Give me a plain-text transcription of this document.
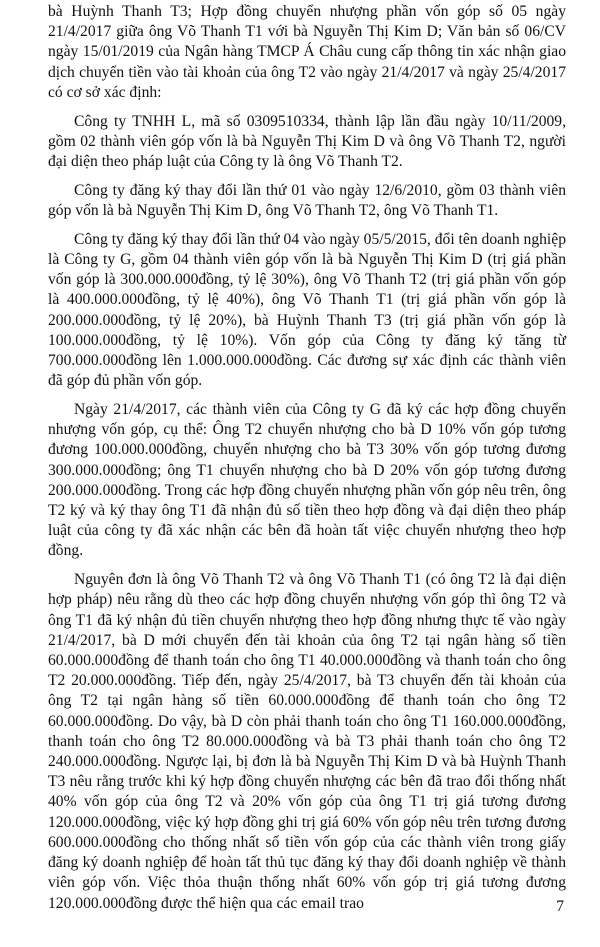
bà Huỳnh Thanh T3; Hợp đồng chuyển nhượng phần vốn góp số 05 ngày 21/4/2017 giữa ông Võ Thanh T1 với bà Nguyễn Thị Kim D; Văn bản số 06/CV ngày 15/01/2019 của Ngân hàng TMCP Á Châu cung cấp thông tin xác nhận giao dịch chuyển tiền vào tài khoản của ông T2 vào ngày 21/4/2017 và ngày 25/4/2017 có cơ sở xác định:

Công ty TNHH L, mã số 0309510334, thành lập lần đầu ngày 10/11/2009, gồm 02 thành viên góp vốn là bà Nguyễn Thị Kim D và ông Võ Thanh T2, người đại diện theo pháp luật của Công ty là ông Võ Thanh T2.

Công ty đăng ký thay đổi lần thứ 01 vào ngày 12/6/2010, gồm 03 thành viên góp vốn là bà Nguyễn Thị Kim D, ông Võ Thanh T2, ông Võ Thanh T1.

Công ty đăng ký thay đổi lần thứ 04 vào ngày 05/5/2015, đổi tên doanh nghiệp là Công ty G, gồm 04 thành viên góp vốn là bà Nguyễn Thị Kim D (trị giá phần vốn góp là 300.000.000đồng, tỷ lệ 30%), ông Võ Thanh T2 (trị giá phần vốn góp là 400.000.000đồng, tỷ lệ 40%), ông Võ Thanh T1 (trị giá phần vốn góp là 200.000.000đồng, tỷ lệ 20%), bà Huỳnh Thanh T3 (trị giá phần vốn góp là 100.000.000đồng, tỷ lệ 10%). Vốn góp của Công ty đăng ký tăng từ 700.000.000đồng lên 1.000.000.000đồng. Các đương sự xác định các thành viên đã góp đủ phần vốn góp.

Ngày 21/4/2017, các thành viên của Công ty G đã ký các hợp đồng chuyển nhượng vốn góp, cụ thể: Ông T2 chuyển nhượng cho bà D 10% vốn góp tương đương 100.000.000đồng, chuyển nhượng cho bà T3 30% vốn góp tương đương 300.000.000đồng; ông T1 chuyển nhượng cho bà D 20% vốn góp tương đương 200.000.000đồng. Trong các hợp đồng chuyển nhượng phần vốn góp nêu trên, ông T2 ký và ký thay ông T1 đã nhận đủ số tiền theo hợp đồng và đại diện theo pháp luật của công ty đã xác nhận các bên đã hoàn tất việc chuyển nhượng theo hợp đồng.

Nguyên đơn là ông Võ Thanh T2 và ông Võ Thanh T1 (có ông T2 là đại diện hợp pháp) nêu rằng dù theo các hợp đồng chuyển nhượng vốn góp thì ông T2 và ông T1 đã ký nhận đủ tiền chuyển nhượng theo hợp đồng nhưng thực tế vào ngày 21/4/2017, bà D mới chuyển đến tài khoản của ông T2 tại ngân hàng số tiền 60.000.000đồng để thanh toán cho ông T1 40.000.000đồng và thanh toán cho ông T2 20.000.000đồng. Tiếp đến, ngày 25/4/2017, bà T3 chuyển đến tài khoản của ông T2 tại ngân hàng số tiền 60.000.000đồng để thanh toán cho ông T2 60.000.000đồng. Do vậy, bà D còn phải thanh toán cho ông T1 160.000.000đồng, thanh toán cho ông T2 80.000.000đồng và bà T3 phải thanh toán cho ông T2 240.000.000đồng. Ngược lại, bị đơn là bà Nguyễn Thị Kim D và bà Huỳnh Thanh T3 nêu rằng trước khi ký hợp đồng chuyển nhượng các bên đã trao đổi thống nhất 40% vốn góp của ông T2 và 20% vốn góp của ông T1 trị giá tương đương 120.000.000đồng, việc ký hợp đồng ghi trị giá 60% vốn góp nêu trên tương đương 600.000.000đồng cho thống nhất số tiền vốn góp của các thành viên trong giấy đăng ký doanh nghiệp để hoàn tất thủ tục đăng ký thay đổi doanh nghiệp về thành viên góp vốn. Việc thỏa thuận thống nhất 60% vốn góp trị giá tương đương 120.000.000đồng được thể hiện qua các email trao	7
